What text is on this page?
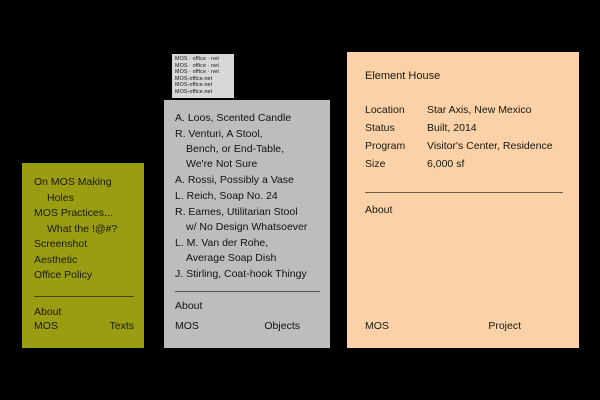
On MOS Making
Holes
MOS Practices...
What the !@#?
Screenshot
Aesthetic
Office Policy
About
MOS	Texts
MOS · office · net
MOS · office · net
MOS · office · net
MOS-office.net
MOS-office.net
MOS-office.net
A. Loos, Scented Candle
R. Venturi, A Stool,
Bench, or End-Table,
We're Not Sure
A. Rossi, Possibly a Vase
L. Reich, Soap No. 24
R. Eames, Utilitarian Stool
w/ No Design Whatsoever
L. M. Van der Rohe,
Average Soap Dish
J. Stirling, Coat-hook Thingy
About
MOS	Objects
Element House
Location	Star Axis, New Mexico
Status	Built, 2014
Program	Visitor's Center, Residence
Size	6,000 sf
About
MOS	Project
